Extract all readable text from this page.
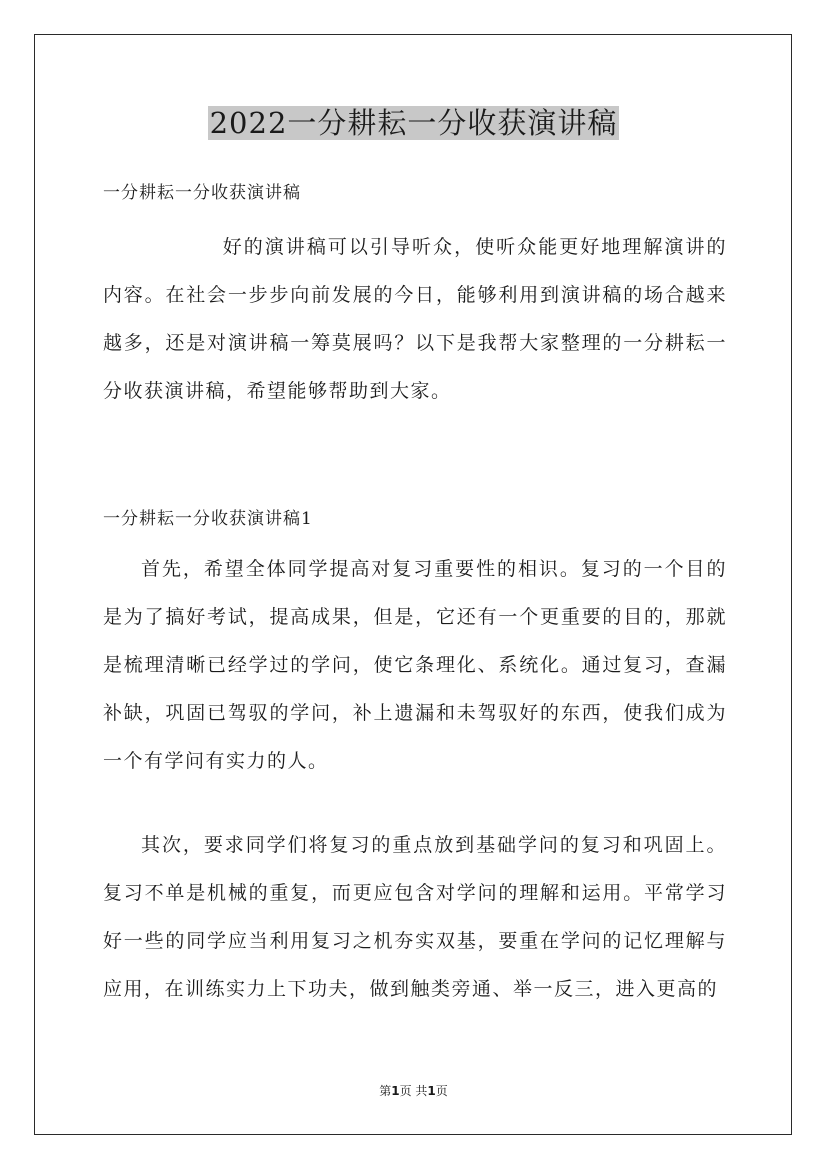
2022一分耕耘一分收获演讲稿
一分耕耘一分收获演讲稿

好的演讲稿可以引导听众，使听众能更好地理解演讲的内容。在社会一步步向前发展的今日，能够利用到演讲稿的场合越来越多，还是对演讲稿一筹莫展吗？以下是我帮大家整理的一分耕耘一分收获演讲稿，希望能够帮助到大家。

一分耕耘一分收获演讲稿1

首先，希望全体同学提高对复习重要性的相识。复习的一个目的是为了搞好考试，提高成果，但是，它还有一个更重要的目的，那就是梳理清晰已经学过的学问，使它条理化、系统化。通过复习，查漏补缺，巩固已驾驭的学问，补上遗漏和未驾驭好的东西，使我们成为一个有学问有实力的人。

其次，要求同学们将复习的重点放到基础学问的复习和巩固上。复习不单是机械的重复，而更应包含对学问的理解和运用。平常学习好一些的同学应当利用复习之机夯实双基，要重在学问的记忆理解与应用，在训练实力上下功夫，做到触类旁通、举一反三，进入更高的

第1页 共1页
